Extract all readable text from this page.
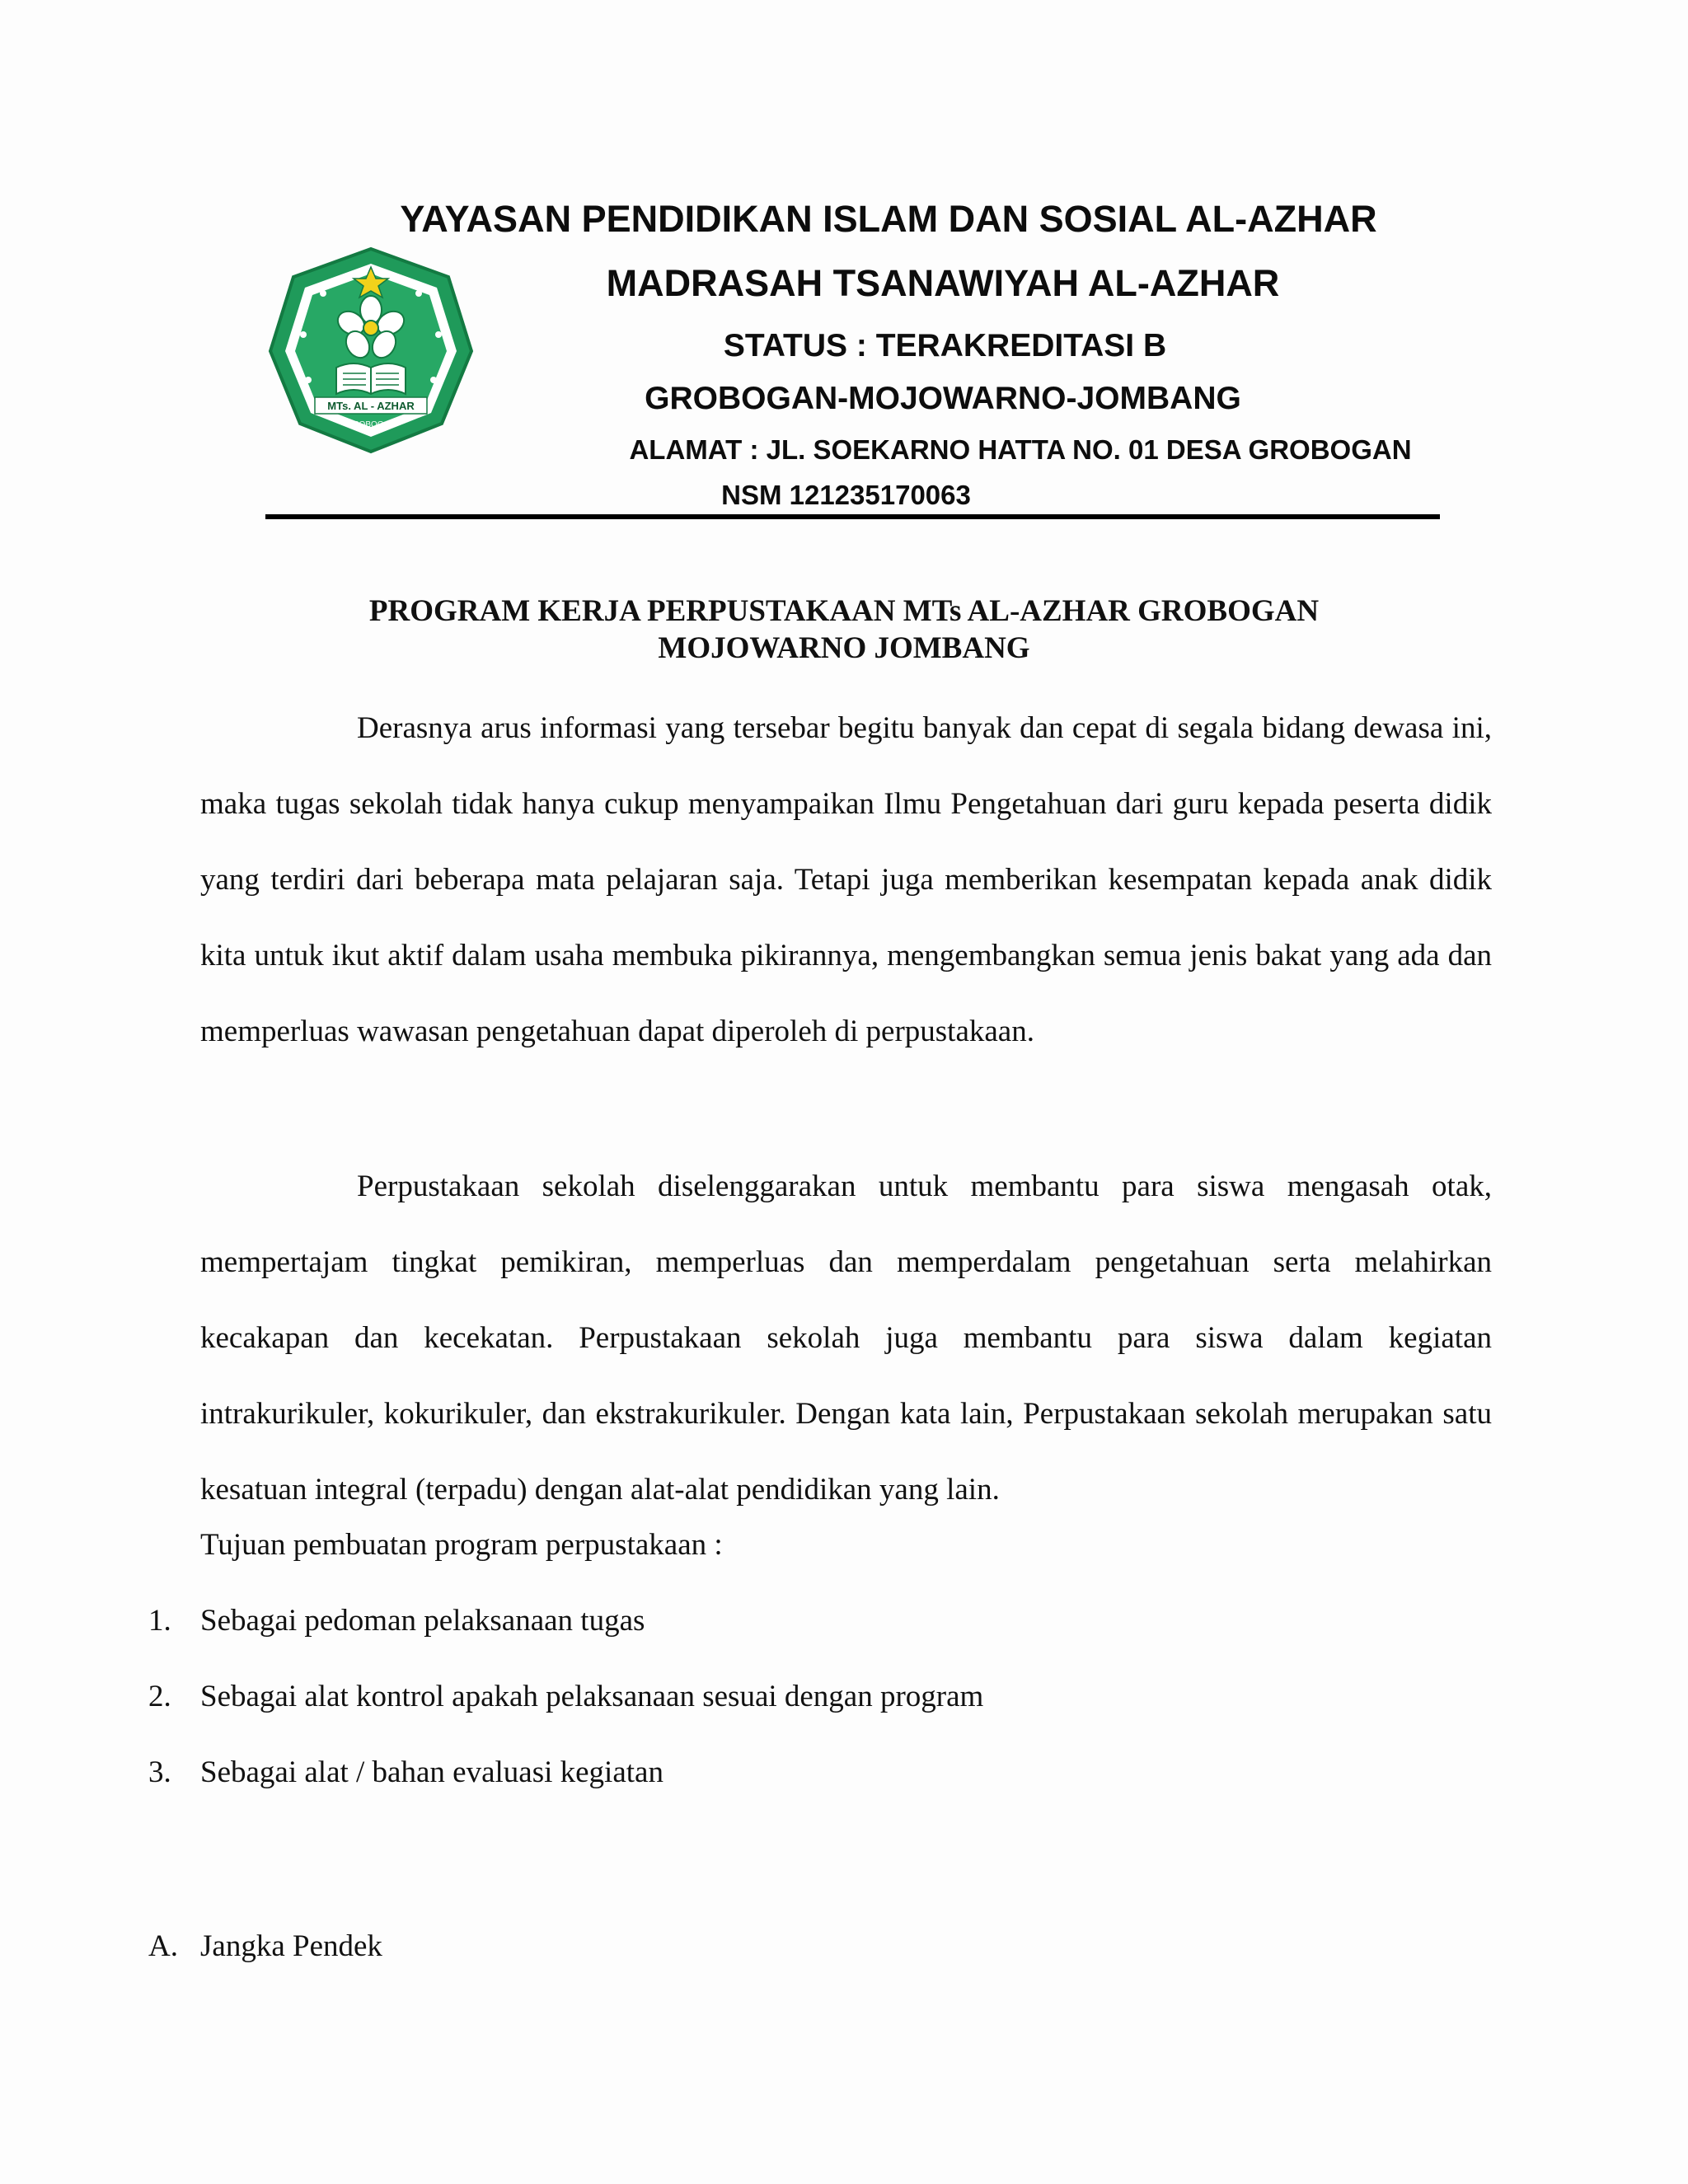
MTs. AL - AZHAR
GROBOGAN
YAYASAN PENDIDIKAN ISLAM DAN SOSIAL AL-AZHAR
MADRASAH TSANAWIYAH AL-AZHAR
STATUS : TERAKREDITASI B
GROBOGAN-MOJOWARNO-JOMBANG
ALAMAT : JL. SOEKARNO HATTA NO. 01 DESA GROBOGAN
NSM 121235170063
PROGRAM KERJA PERPUSTAKAAN MTs AL-AZHAR GROBOGAN
MOJOWARNO JOMBANG

Derasnya arus informasi yang tersebar begitu banyak dan cepat di segala bidang dewasa ini, maka tugas sekolah tidak hanya cukup menyampaikan Ilmu Pengetahuan dari guru kepada peserta didik yang terdiri dari beberapa mata pelajaran saja. Tetapi juga memberikan kesempatan kepada anak didik kita untuk ikut aktif dalam usaha membuka pikirannya, mengembangkan semua jenis bakat yang ada dan memperluas wawasan pengetahuan dapat diperoleh di perpustakaan.

Perpustakaan sekolah diselenggarakan untuk membantu para siswa mengasah otak, mempertajam tingkat pemikiran, memperluas dan memperdalam pengetahuan serta melahirkan kecakapan dan kecekatan. Perpustakaan sekolah juga membantu para siswa dalam kegiatan intrakurikuler, kokurikuler, dan ekstrakurikuler. Dengan kata lain, Perpustakaan sekolah merupakan satu kesatuan integral (terpadu) dengan alat-alat pendidikan yang lain.

Tujuan pembuatan program perpustakaan :
1. Sebagai pedoman pelaksanaan tugas
2. Sebagai alat kontrol apakah pelaksanaan sesuai dengan program
3. Sebagai alat / bahan evaluasi kegiatan
A. Jangka Pendek
